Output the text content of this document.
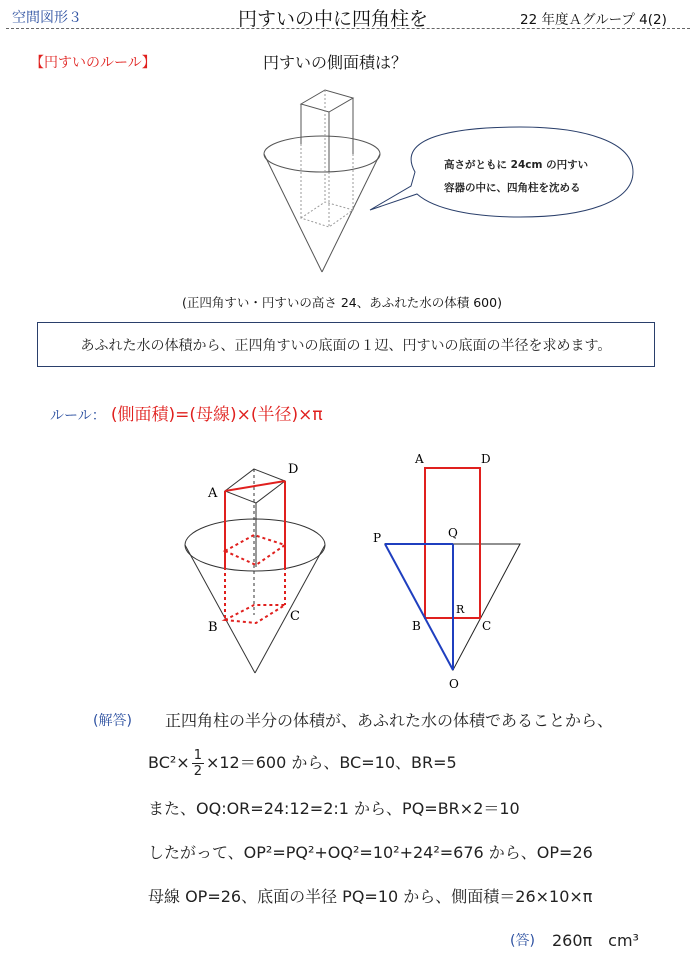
空間図形３	円すいの中に四角柱を	22 年度Ａグループ 4(2)
【円すいのルール】	円すいの側面積は？
高さがともに 24cm の円すい
容器の中に、四角柱を沈める
(正四角すい・円すいの高さ 24、あふれた水の体積 600)
あふれた水の体積から、正四角すいの底面の１辺、円すいの底面の半径を求めます。
ルール： (側面積)=(母線)×(半径)×π
A
D
B
C
A	D
P	Q
R
B	C
O
(解答) 正四角柱の半分の体積が、あふれた水の体積であることから、
$BC^2\times \frac{1}{2} \times 12=600$ から、BC=10、BR=5
また、OQ:OR=24:12=2:1 から、PQ=BR×2＝10
したがって、OP²=PQ²+OQ²=10²+24²=676 から、OP=26
母線 OP=26、底面の半径 PQ=10 から、側面積＝26×10×π
(答) 260π　cm³
